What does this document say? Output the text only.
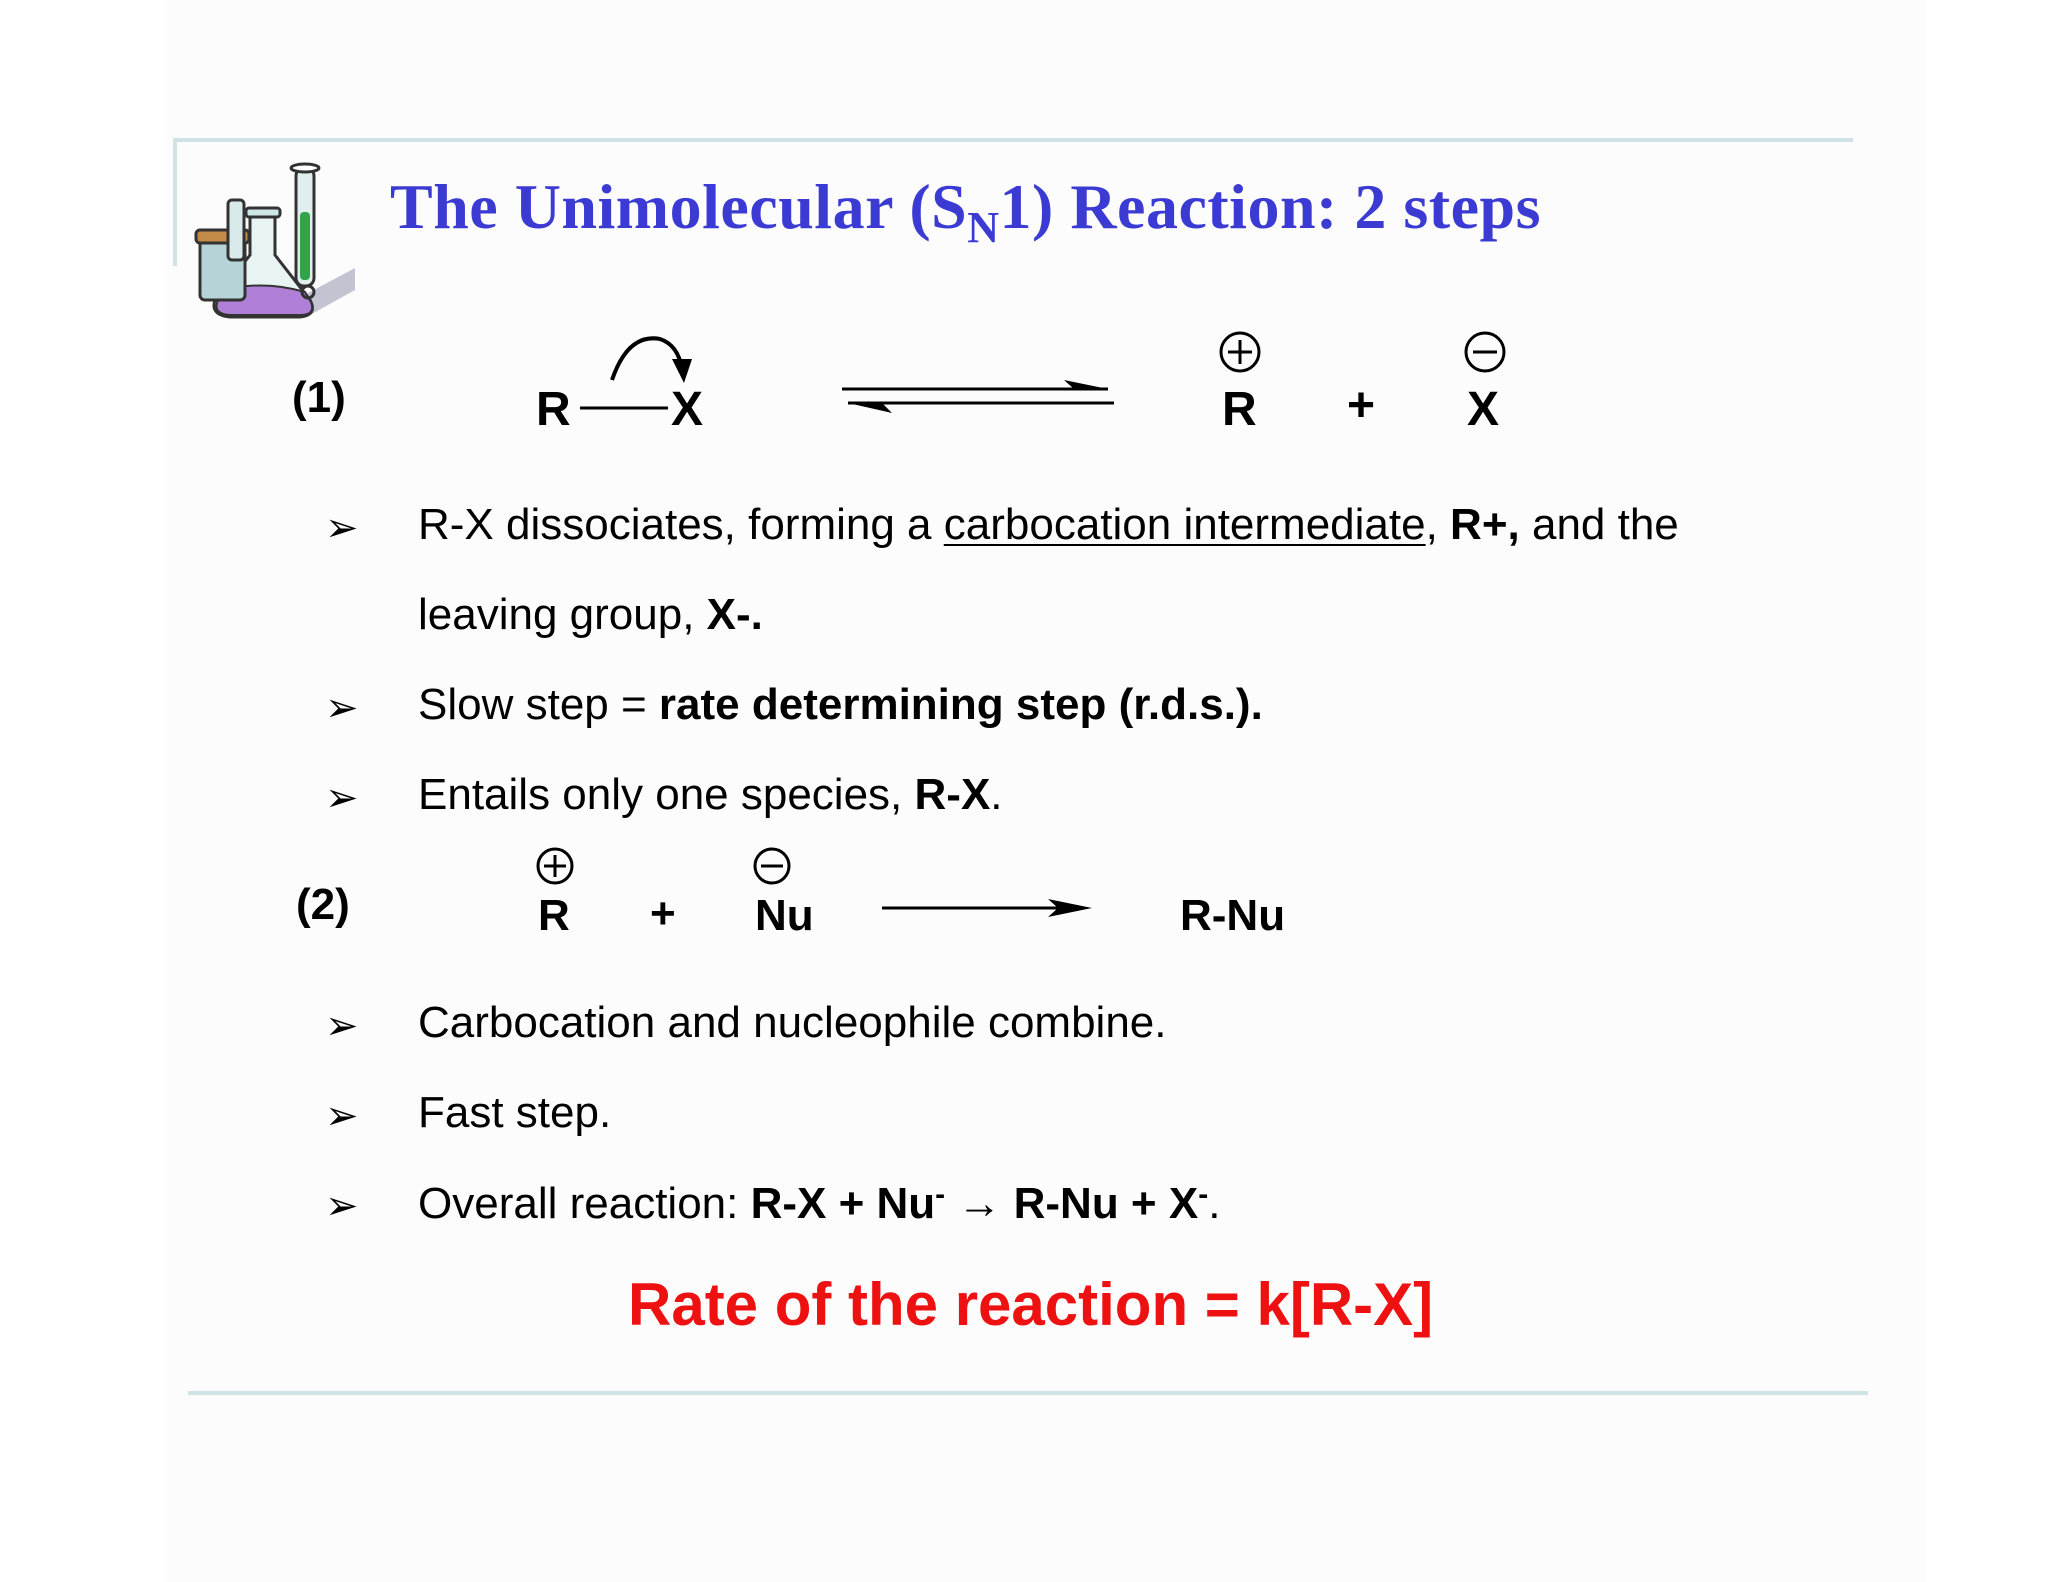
The Unimolecular $(S_N1)$ Reaction: 2 steps
(1)	R X	R + X
➢ R-X dissociates, forming a carbocation intermediate, R+, and the
leaving group, X-.
➢ Slow step = rate determining step (r.d.s.).
➢ Entails only one species, R-X.
(2)	R + Nu	R-Nu
➢ Carbocation and nucleophile combine.
➢ Fast step.
➢ Overall reaction: R-X + Nu- → R-Nu + X-.
Rate of the reaction = k[R-X]
